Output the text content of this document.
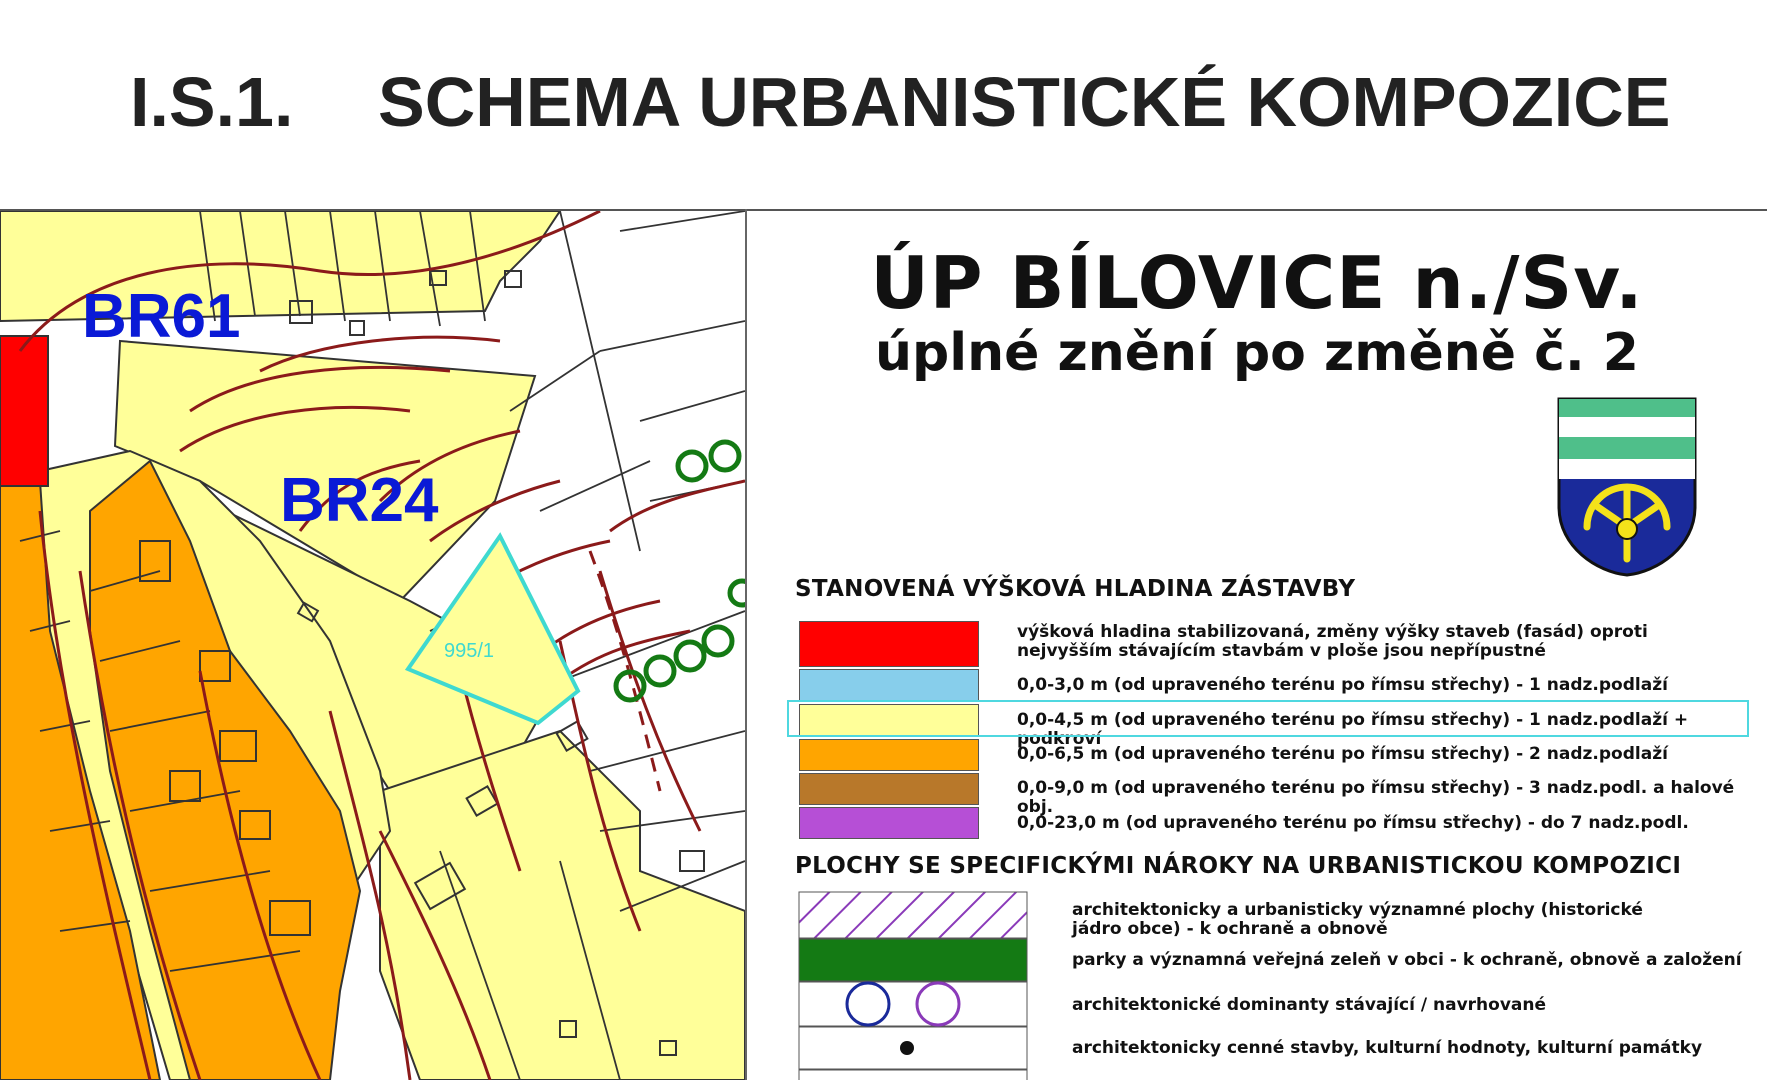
I.S.1. SCHEMA URBANISTICKÉ KOMPOZICE
995/1
BR61
BR24
ÚP BÍLOVICE n./Sv.
úplné znění po změně č. 2
STANOVENÁ VÝŠKOVÁ HLADINA ZÁSTAVBY
výšková hladina stabilizovaná, změny výšky staveb (fasád) oproti
nejvyšším stávajícím stavbám v ploše jsou nepřípustné
0,0-3,0 m (od upraveného terénu po římsu střechy) - 1 nadz.podlaží
0,0-4,5 m (od upraveného terénu po římsu střechy) - 1 nadz.podlaží + podkroví
0,0-6,5 m (od upraveného terénu po římsu střechy) - 2 nadz.podlaží
0,0-9,0 m (od upraveného terénu po římsu střechy) - 3 nadz.podl. a halové obj.
0,0-23,0 m (od upraveného terénu po římsu střechy) - do 7 nadz.podl.
PLOCHY SE SPECIFICKÝMI NÁROKY NA URBANISTICKOU KOMPOZICI
architektonicky a urbanisticky významné plochy (historické
jádro obce) - k ochraně a obnově
parky a významná veřejná zeleň v obci - k ochraně, obnově a založení
architektonické dominanty stávající / navrhované
architektonicky cenné stavby, kulturní hodnoty, kulturní památky
